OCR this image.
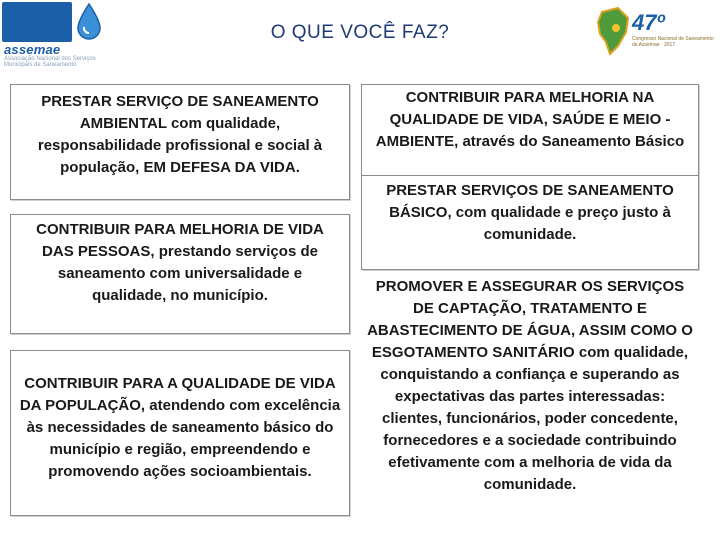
assemae
Associação Nacional dos Serviços Municipais de Saneamento
O QUE VOCÊ FAZ?	47º
Congresso Nacional de Saneamento da Assemae · 2017
PRESTAR SERVIÇO DE SANEAMENTO AMBIENTAL com qualidade, responsabilidade profissional e social à população, EM DEFESA DA VIDA.
CONTRIBUIR PARA MELHORIA DE VIDA DAS PESSOAS, prestando serviços de saneamento com universalidade e qualidade, no município.
CONTRIBUIR PARA A QUALIDADE DE VIDA DA POPULAÇÃO, atendendo com excelência às necessidades de saneamento básico do município e região, empreendendo e promovendo ações socioambientais.
CONTRIBUIR PARA MELHORIA NA QUALIDADE DE VIDA, SAÚDE E MEIO -AMBIENTE, através do Saneamento Básico
PRESTAR SERVIÇOS DE SANEAMENTO BÁSICO, com qualidade e preço justo à comunidade.
PROMOVER E ASSEGURAR OS SERVIÇOS DE CAPTAÇÃO, TRATAMENTO E ABASTECIMENTO DE ÁGUA, ASSIM COMO O ESGOTAMENTO SANITÁRIO com qualidade, conquistando a confiança e superando as expectativas das partes interessadas: clientes, funcionários, poder concedente, fornecedores e a sociedade contribuindo efetivamente com a melhoria de vida da comunidade.
